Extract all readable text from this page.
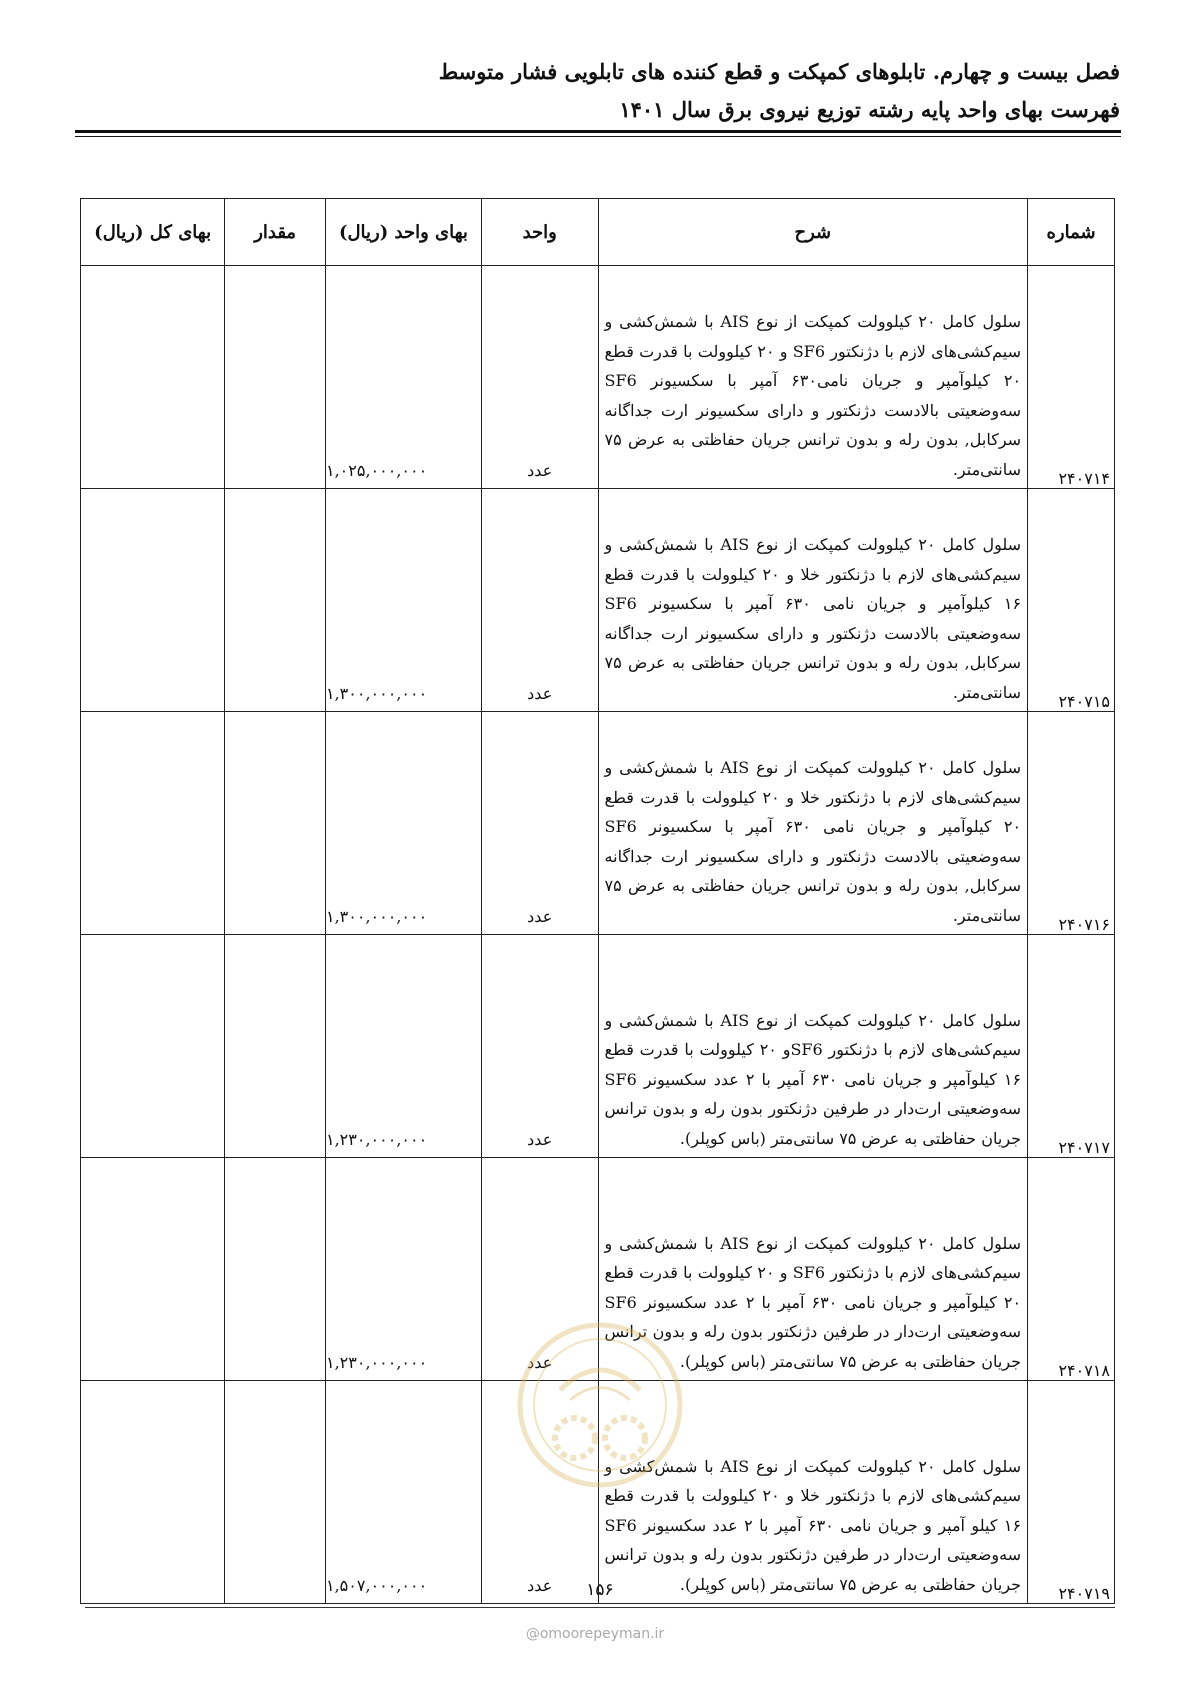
فصل بیست و چهارم. تابلوهای کمپکت و قطع کننده های تابلویی فشار متوسط
فهرست بهای واحد پایه رشته توزیع نیروی برق سال ۱۴۰۱
شماره	شرح	واحد	بهای واحد (ریال)	مقدار	بهای کل (ریال)
۲۴۰۷۱۴	سلول کامل ۲۰ کیلوولت کمپکت از نوع AIS با شمش‌کشی و سیم‌کشی‌های لازم با دژنکتور SF6 و ۲۰ کیلوولت با قدرت قطع ۲۰ کیلوآمپر و جریان نامی۶۳۰ آمپر با سکسیونر SF6 سه‌وضعیتی بالادست دژنکتور و دارای سکسیونر ارت جداگانه سرکابل, بدون رله و بدون ترانس جریان حفاظتی به عرض ۷۵ سانتی‌متر.	عدد	۱,۰۲۵,۰۰۰,۰۰۰		
۲۴۰۷۱۵	سلول کامل ۲۰ کیلوولت کمپکت از نوع AIS با شمش‌کشی و سیم‌کشی‌های لازم با دژنکتور خلا و ۲۰ کیلوولت با قدرت قطع ۱۶ کیلوآمپر و جریان نامی ۶۳۰ آمپر با سکسیونر SF6 سه‌وضعیتی بالادست دژنکتور و دارای سکسیونر ارت جداگانه سرکابل, بدون رله و بدون ترانس جریان حفاظتی به عرض ۷۵ سانتی‌متر.	عدد	۱,۳۰۰,۰۰۰,۰۰۰		
۲۴۰۷۱۶	سلول کامل ۲۰ کیلوولت کمپکت از نوع AIS با شمش‌کشی و سیم‌کشی‌های لازم با دژنکتور خلا و ۲۰ کیلوولت با قدرت قطع ۲۰ کیلوآمپر و جریان نامی ۶۳۰ آمپر با سکسیونر SF6 سه‌وضعیتی بالادست دژنکتور و دارای سکسیونر ارت جداگانه سرکابل, بدون رله و بدون ترانس جریان حفاظتی به عرض ۷۵ سانتی‌متر.	عدد	۱,۳۰۰,۰۰۰,۰۰۰		
۲۴۰۷۱۷	سلول کامل ۲۰ کیلوولت کمپکت از نوع AIS با شمش‌کشی و سیم‌کشی‌های لازم با دژنکتور SF6و ۲۰ کیلوولت با قدرت قطع ۱۶ کیلوآمپر و جریان نامی ۶۳۰ آمپر با ۲ عدد سکسیونر SF6 سه‌وضعیتی ارت‌دار در طرفین دژنکتور بدون رله و بدون ترانس جریان حفاظتی به عرض ۷۵ سانتی‌متر (باس کوپلر).	عدد	۱,۲۳۰,۰۰۰,۰۰۰		
۲۴۰۷۱۸	سلول کامل ۲۰ کیلوولت کمپکت از نوع AIS با شمش‌کشی و سیم‌کشی‌های لازم با دژنکتور SF6 و ۲۰ کیلوولت با قدرت قطع ۲۰ کیلوآمپر و جریان نامی ۶۳۰ آمپر با ۲ عدد سکسیونر SF6 سه‌وضعیتی ارت‌دار در طرفین دژنکتور بدون رله و بدون ترانس جریان حفاظتی به عرض ۷۵ سانتی‌متر (باس کوپلر).	عدد	۱,۲۳۰,۰۰۰,۰۰۰		
۲۴۰۷۱۹	سلول کامل ۲۰ کیلوولت کمپکت از نوع AIS با شمش‌کشی و سیم‌کشی‌های لازم با دژنکتور خلا و ۲۰ کیلوولت با قدرت قطع ۱۶ کیلو آمپر و جریان نامی ۶۳۰ آمپر با ۲ عدد سکسیونر SF6 سه‌وضعیتی ارت‌دار در طرفین دژنکتور بدون رله و بدون ترانس جریان حفاظتی به عرض ۷۵ سانتی‌متر (باس کوپلر).	عدد	۱,۵۰۷,۰۰۰,۰۰۰			۱۵۶
@omoorepeyman.ir
